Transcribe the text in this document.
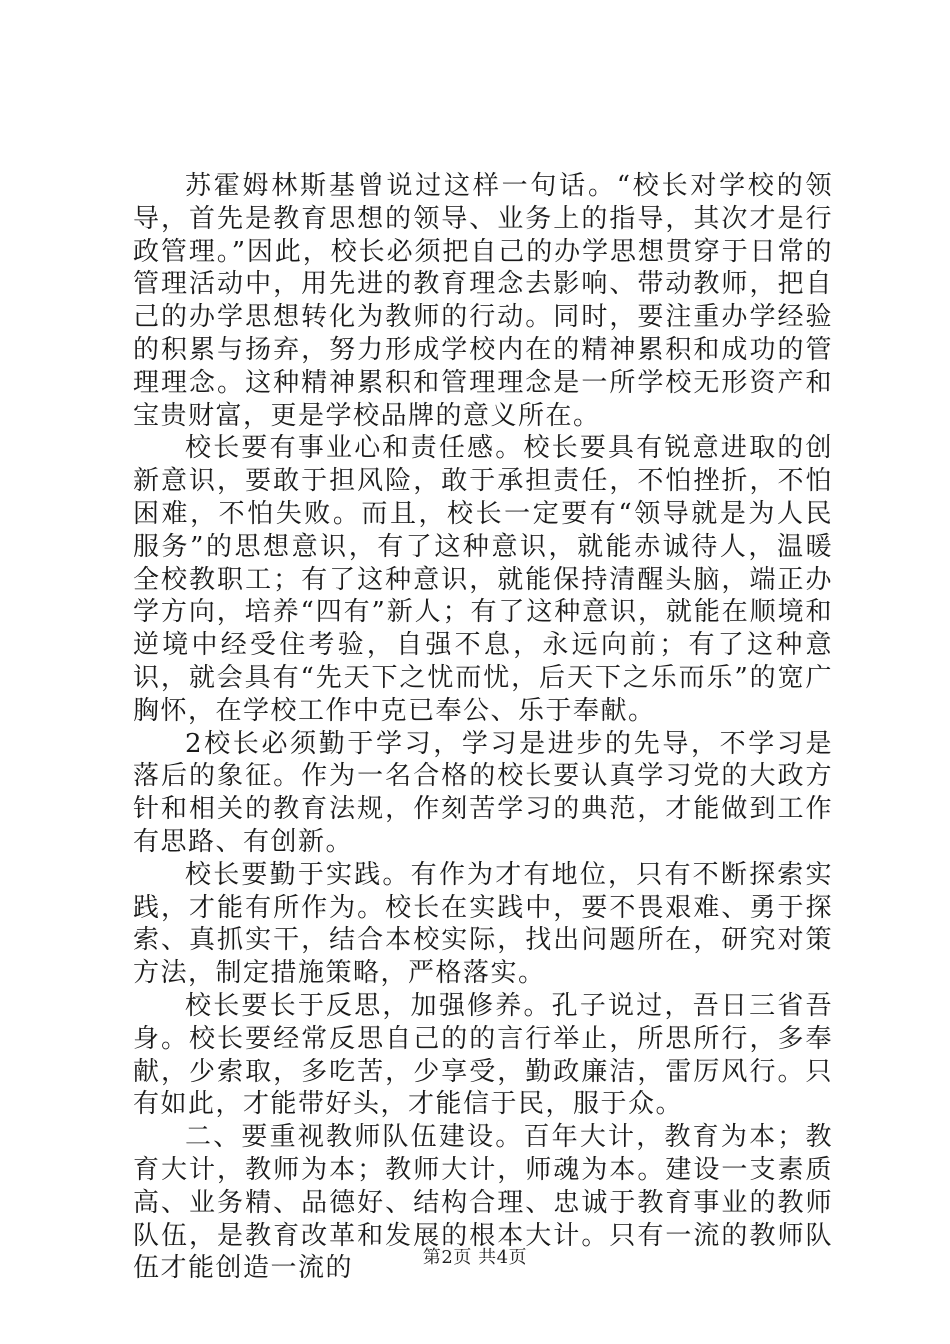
苏霍姆林斯基曾说过这样一句话。“校长对学校的领导，首先是教育思想的领导、业务上的指导，其次才是行政管理。”因此，校长必须把自己的办学思想贯穿于日常的管理活动中，用先进的教育理念去影响、带动教师，把自己的办学思想转化为教师的行动。同时，要注重办学经验的积累与扬弃，努力形成学校内在的精神累积和成功的管理理念。这种精神累积和管理理念是一所学校无形资产和宝贵财富，更是学校品牌的意义所在。

校长要有事业心和责任感。校长要具有锐意进取的创新意识，要敢于担风险，敢于承担责任，不怕挫折，不怕困难，不怕失败。而且，校长一定要有“领导就是为人民服务”的思想意识，有了这种意识，就能赤诚待人，温暖全校教职工；有了这种意识，就能保持清醒头脑，端正办学方向，培养“四有”新人；有了这种意识，就能在顺境和逆境中经受住考验，自强不息，永远向前；有了这种意识，就会具有“先天下之忧而忧，后天下之乐而乐”的宽广胸怀，在学校工作中克已奉公、乐于奉献。

2校长必须勤于学习，学习是进步的先导，不学习是落后的象征。作为一名合格的校长要认真学习党的大政方针和相关的教育法规，作刻苦学习的典范，才能做到工作有思路、有创新。

校长要勤于实践。有作为才有地位，只有不断探索实践，才能有所作为。校长在实践中，要不畏艰难、勇于探索、真抓实干，结合本校实际，找出问题所在，研究对策方法，制定措施策略，严格落实。

校长要长于反思，加强修养。孔子说过，吾日三省吾身。校长要经常反思自己的的言行举止，所思所行，多奉献，少索取，多吃苦，少享受，勤政廉洁，雷厉风行。只有如此，才能带好头，才能信于民，服于众。

二、要重视教师队伍建设。百年大计，教育为本；教育大计，教师为本；教师大计，师魂为本。建设一支素质高、业务精、品德好、结构合理、忠诚于教育事业的教师队伍，是教育改革和发展的根本大计。只有一流的教师队伍才能创造一流的	第2页 共4页
